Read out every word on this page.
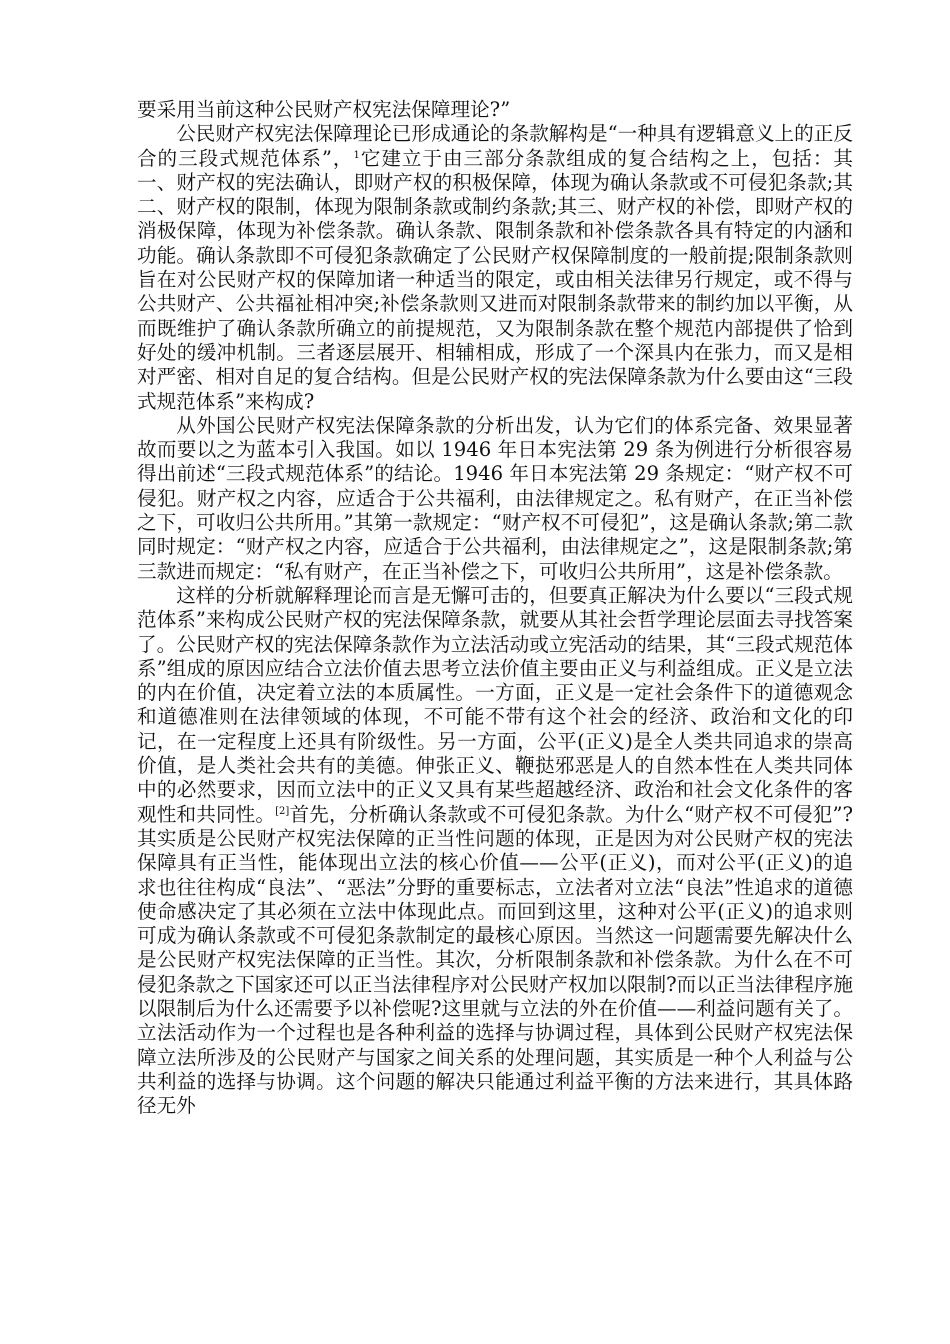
要采用当前这种公民财产权宪法保障理论?”

公民财产权宪法保障理论已形成通论的条款解构是“一种具有逻辑意义上的正反合的三段式规范体系”，$^1$它建立于由三部分条款组成的复合结构之上，包括：其一、财产权的宪法确认，即财产权的积极保障，体现为确认条款或不可侵犯条款;其二、财产权的限制，体现为限制条款或制约条款;其三、财产权的补偿，即财产权的消极保障，体现为补偿条款。确认条款、限制条款和补偿条款各具有特定的内涵和功能。确认条款即不可侵犯条款确定了公民财产权保障制度的一般前提;限制条款则旨在对公民财产权的保障加诸一种适当的限定，或由相关法律另行规定，或不得与公共财产、公共福祉相冲突;补偿条款则又进而对限制条款带来的制约加以平衡，从而既维护了确认条款所确立的前提规范，又为限制条款在整个规范内部提供了恰到好处的缓冲机制。三者逐层展开、相辅相成，形成了一个深具内在张力，而又是相对严密、相对自足的复合结构。但是公民财产权的宪法保障条款为什么要由这“三段式规范体系”来构成?

从外国公民财产权宪法保障条款的分析出发，认为它们的体系完备、效果显著故而要以之为蓝本引入我国。如以 1946 年日本宪法第 29 条为例进行分析很容易得出前述“三段式规范体系”的结论。1946 年日本宪法第 29 条规定：“财产权不可侵犯。财产权之内容，应适合于公共福利，由法律规定之。私有财产，在正当补偿之下，可收归公共所用。”其第一款规定：“财产权不可侵犯”，这是确认条款;第二款同时规定：“财产权之内容，应适合于公共福利，由法律规定之”，这是限制条款;第三款进而规定：“私有财产，在正当补偿之下，可收归公共所用”，这是补偿条款。

这样的分析就解释理论而言是无懈可击的，但要真正解决为什么要以“三段式规范体系”来构成公民财产权的宪法保障条款，就要从其社会哲学理论层面去寻找答案了。公民财产权的宪法保障条款作为立法活动或立宪活动的结果，其“三段式规范体系”组成的原因应结合立法价值去思考立法价值主要由正义与利益组成。正义是立法的内在价值，决定着立法的本质属性。一方面，正义是一定社会条件下的道德观念和道德准则在法律领域的体现，不可能不带有这个社会的经济、政治和文化的印记，在一定程度上还具有阶级性。另一方面，公平(正义)是全人类共同追求的崇高价值，是人类社会共有的美德。伸张正义、鞭挞邪恶是人的自然本性在人类共同体中的必然要求，因而立法中的正义又具有某些超越经济、政治和社会文化条件的客观性和共同性。[2]首先，分析确认条款或不可侵犯条款。为什么“财产权不可侵犯”?其实质是公民财产权宪法保障的正当性问题的体现，正是因为对公民财产权的宪法保障具有正当性，能体现出立法的核心价值——公平(正义)，而对公平(正义)的追求也往往构成“良法”、“恶法”分野的重要标志，立法者对立法“良法”性追求的道德使命感决定了其必须在立法中体现此点。而回到这里，这种对公平(正义)的追求则可成为确认条款或不可侵犯条款制定的最核心原因。当然这一问题需要先解决什么是公民财产权宪法保障的正当性。其次，分析限制条款和补偿条款。为什么在不可侵犯条款之下国家还可以正当法律程序对公民财产权加以限制?而以正当法律程序施以限制后为什么还需要予以补偿呢?这里就与立法的外在价值——利益问题有关了。立法活动作为一个过程也是各种利益的选择与协调过程，具体到公民财产权宪法保障立法所涉及的公民财产与国家之间关系的处理问题，其实质是一种个人利益与公共利益的选择与协调。这个问题的解决只能通过利益平衡的方法来进行，其具体路径无外
